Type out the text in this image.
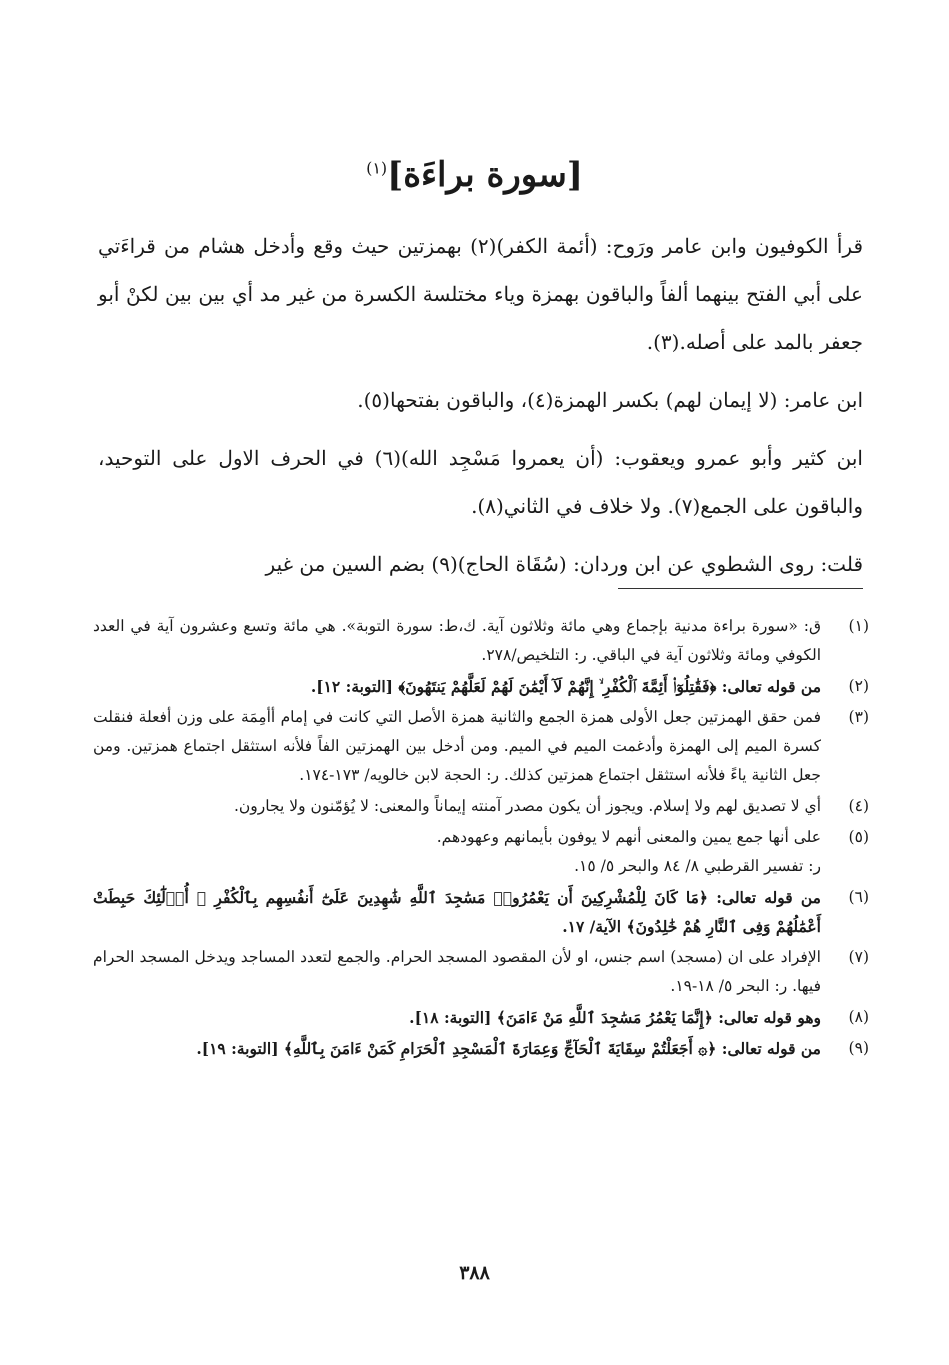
[سورة براءَة]$^{(١)}$

قرأ الكوفيون وابن عامر ورَوح: (أئمة الكفر)(٢) بهمزتين حيث وقع وأدخل هشام من قراءَتي على أبي الفتح بينهما ألفاً والباقون بهمزة وياء مختلسة الكسرة من غير مد أي بين بين لكنْ أبو جعفر بالمد على أصله.(٣).

ابن عامر: (لا إيمان لهم) بكسر الهمزة(٤)، والباقون بفتحها(٥).

ابن كثير وأبو عمرو ويعقوب: (أن يعمروا مَسْجِد الله)(٦) في الحرف الاول على التوحيد، والباقون على الجمع(٧). ولا خلاف في الثاني(٨).

قلت: روى الشطوي عن ابن وردان: (سُقَاة الحاج)(٩) بضم السين من غير

(١)
ق: «سورة براءة مدنية بإجماع وهي مائة وثلاثون آية. ك،ط: سورة التوبة». هي مائة وتسع وعشرون آية في العدد الكوفي ومائة وثلاثون آية في الباقي. ر: التلخيص/٢٧٨.
(٢)
من قوله تعالى: ﴿فَقَٰتِلُوٓا۟ أَئِمَّةَ ٱلْكُفْرِ ۙ إِنَّهُمْ لَآ أَيْمَٰنَ لَهُمْ لَعَلَّهُمْ يَنتَهُونَ﴾ [التوبة: ١٢].
(٣)
فمن حقق الهمزتين جعل الأولى همزة الجمع والثانية همزة الأصل التي كانت في إمام أأمِمَة على وزن أفعلة فنقلت كسرة الميم إلى الهمزة وأدغمت الميم في الميم. ومن أدخل بين الهمزتين الفاً فلأنه استثقل اجتماع همزتين. ومن جعل الثانية ياءً فلأنه استثقل اجتماع همزتين كذلك. ر: الحجة لابن خالويه/ ١٧٣-١٧٤.
(٤)
أي لا تصديق لهم ولا إسلام. ويجوز أن يكون مصدر آمنته إيماناً والمعنى: لا يُؤمّنون ولا يجارون.
(٥)
على أنها جمع يمين والمعنى أنهم لا يوفون بأيمانهم وعهودهم.
ر: تفسير القرطبي ٨/ ٨٤ والبحر ٥/ ١٥.
(٦)
من قوله تعالى: ﴿مَا كَانَ لِلْمُشْرِكِينَ أَن يَعْمُرُوا۟ مَسَٰجِدَ ٱللَّهِ شَٰهِدِينَ عَلَىٰٓ أَنفُسِهِم بِٱلْكُفْرِ ۚ أُو۟لَٰٓئِكَ حَبِطَتْ أَعْمَٰلُهُمْ وَفِى ٱلنَّارِ هُمْ خَٰلِدُونَ﴾ الآية/ ١٧.
(٧)
الإفراد على ان (مسجد) اسم جنس، او لأن المقصود المسجد الحرام. والجمع لتعدد المساجد ويدخل المسجد الحرام فيها. ر: البحر ٥/ ١٨-١٩.
(٨)
وهو قوله تعالى: ﴿إِنَّمَا يَعْمُرُ مَسَٰجِدَ ٱللَّهِ مَنْ ءَامَنَ﴾ [التوبة: ١٨].
(٩)
من قوله تعالى: ﴿۞ أَجَعَلْتُمْ سِقَايَةَ ٱلْحَآجِّ وَعِمَارَةَ ٱلْمَسْجِدِ ٱلْحَرَامِ كَمَنْ ءَامَنَ بِٱللَّهِ﴾ [التوبة: ١٩].
٣٨٨
